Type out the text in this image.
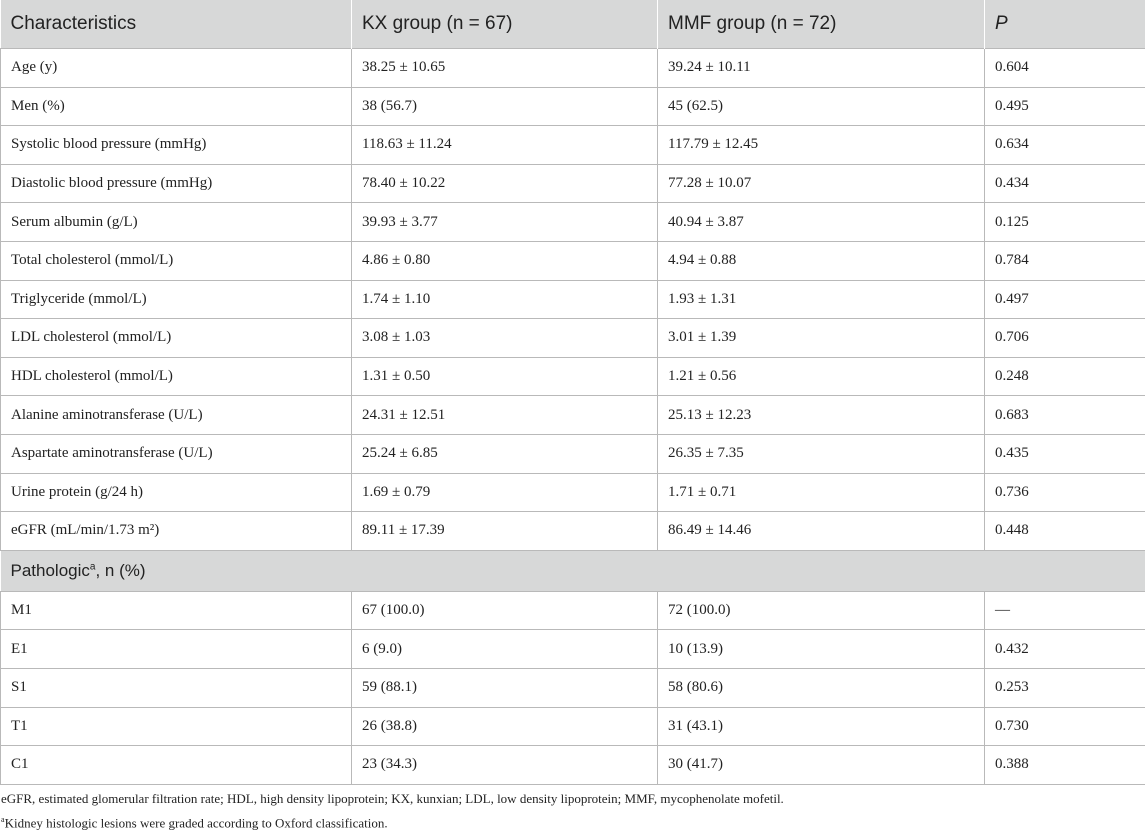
Characteristics	KX group (n = 67)	MMF group (n = 72)	P
Age (y)	38.25 ± 10.65	39.24 ± 10.11	0.604
Men (%)	38 (56.7)	45 (62.5)	0.495
Systolic blood pressure (mmHg)	118.63 ± 11.24	117.79 ± 12.45	0.634
Diastolic blood pressure (mmHg)	78.40 ± 10.22	77.28 ± 10.07	0.434
Serum albumin (g/L)	39.93 ± 3.77	40.94 ± 3.87	0.125
Total cholesterol (mmol/L)	4.86 ± 0.80	4.94 ± 0.88	0.784
Triglyceride (mmol/L)	1.74 ± 1.10	1.93 ± 1.31	0.497
LDL cholesterol (mmol/L)	3.08 ± 1.03	3.01 ± 1.39	0.706
HDL cholesterol (mmol/L)	1.31 ± 0.50	1.21 ± 0.56	0.248
Alanine aminotransferase (U/L)	24.31 ± 12.51	25.13 ± 12.23	0.683
Aspartate aminotransferase (U/L)	25.24 ± 6.85	26.35 ± 7.35	0.435
Urine protein (g/24 h)	1.69 ± 0.79	1.71 ± 0.71	0.736
eGFR (mL/min/1.73 m²)	89.11 ± 17.39	86.49 ± 14.46	0.448
Pathologic$^a$, n (%)			
M1	67 (100.0)	72 (100.0)	—
E1	6 (9.0)	10 (13.9)	0.432
S1	59 (88.1)	58 (80.6)	0.253
T1	26 (38.8)	31 (43.1)	0.730
C1	23 (34.3)	30 (41.7)	0.388
eGFR, estimated glomerular filtration rate; HDL, high density lipoprotein; KX, kunxian; LDL, low density lipoprotein; MMF, mycophenolate mofetil.
$^a$Kidney histologic lesions were graded according to Oxford classification.
